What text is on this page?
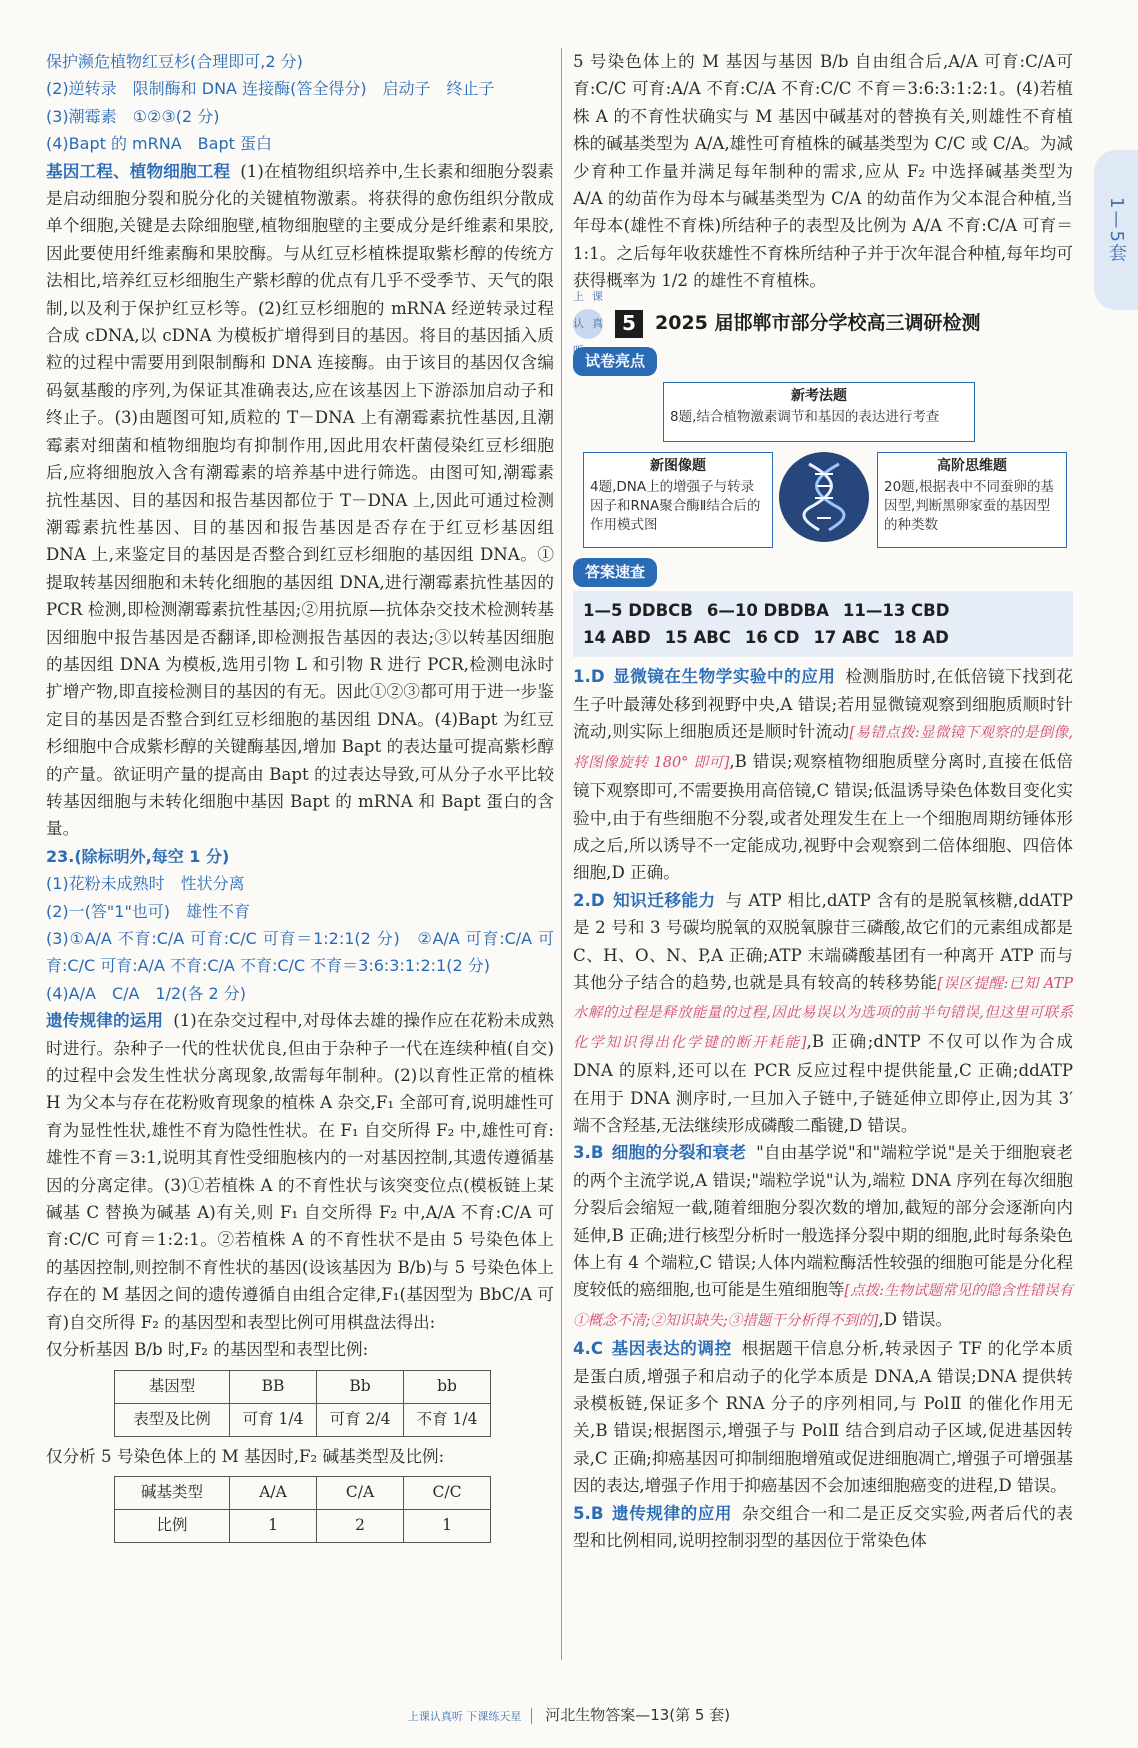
保护濒危植物红豆杉(合理即可,2 分)

(2)逆转录　限制酶和 DNA 连接酶(答全得分)　启动子　终止子

(3)潮霉素　①②③(2 分)

(4)Bapt 的 mRNA　Bapt 蛋白

基因工程、植物细胞工程 (1)在植物组织培养中,生长素和细胞分裂素是启动细胞分裂和脱分化的关键植物激素。将获得的愈伤组织分散成单个细胞,关键是去除细胞壁,植物细胞壁的主要成分是纤维素和果胶,因此要使用纤维素酶和果胶酶。与从红豆杉植株提取紫杉醇的传统方法相比,培养红豆杉细胞生产紫杉醇的优点有几乎不受季节、天气的限制,以及利于保护红豆杉等。(2)红豆杉细胞的 mRNA 经逆转录过程合成 cDNA,以 cDNA 为模板扩增得到目的基因。将目的基因插入质粒的过程中需要用到限制酶和 DNA 连接酶。由于该目的基因仅含编码氨基酸的序列,为保证其准确表达,应在该基因上下游添加启动子和终止子。(3)由题图可知,质粒的 T－DNA 上有潮霉素抗性基因,且潮霉素对细菌和植物细胞均有抑制作用,因此用农杆菌侵染红豆杉细胞后,应将细胞放入含有潮霉素的培养基中进行筛选。由图可知,潮霉素抗性基因、目的基因和报告基因都位于 T－DNA 上,因此可通过检测潮霉素抗性基因、目的基因和报告基因是否存在于红豆杉基因组 DNA 上,来鉴定目的基因是否整合到红豆杉细胞的基因组 DNA。①提取转基因细胞和未转化细胞的基因组 DNA,进行潮霉素抗性基因的 PCR 检测,即检测潮霉素抗性基因;②用抗原—抗体杂交技术检测转基因细胞中报告基因是否翻译,即检测报告基因的表达;③以转基因细胞的基因组 DNA 为模板,选用引物 L 和引物 R 进行 PCR,检测电泳时扩增产物,即直接检测目的基因的有无。因此①②③都可用于进一步鉴定目的基因是否整合到红豆杉细胞的基因组 DNA。(4)Bapt 为红豆杉细胞中合成紫杉醇的关键酶基因,增加 Bapt 的表达量可提高紫杉醇的产量。欲证明产量的提高由 Bapt 的过表达导致,可从分子水平比较转基因细胞与未转化细胞中基因 Bapt 的 mRNA 和 Bapt 蛋白的含量。

23.(除标明外,每空 1 分)

(1)花粉未成熟时　性状分离

(2)一(答"1"也可)　雄性不育

(3)①A/A 不育:C/A 可育:C/C 可育＝1:2:1(2 分)　②A/A 可育:C/A 可育:C/C 可育:A/A 不育:C/A 不育:C/C 不育＝3:6:3:1:2:1(2 分)

(4)A/A　C/A　1/2(各 2 分)

遗传规律的运用 (1)在杂交过程中,对母体去雄的操作应在花粉未成熟时进行。杂种子一代的性状优良,但由于杂种子一代在连续种植(自交)的过程中会发生性状分离现象,故需每年制种。(2)以育性正常的植株 H 为父本与存在花粉败育现象的植株 A 杂交,F₁ 全部可育,说明雄性可育为显性性状,雄性不育为隐性性状。在 F₁ 自交所得 F₂ 中,雄性可育:雄性不育＝3:1,说明其育性受细胞核内的一对基因控制,其遗传遵循基因的分离定律。(3)①若植株 A 的不育性状与该突变位点(模板链上某碱基 C 替换为碱基 A)有关,则 F₁ 自交所得 F₂ 中,A/A 不育:C/A 可育:C/C 可育＝1:2:1。②若植株 A 的不育性状不是由 5 号染色体上的基因控制,则控制不育性状的基因(设该基因为 B/b)与 5 号染色体上存在的 M 基因之间的遗传遵循自由组合定律,F₁(基因型为 BbC/A 可育)自交所得 F₂ 的基因型和表型比例可用棋盘法得出:

仅分析基因 B/b 时,F₂ 的基因型和表型比例:

基因型	BB	Bb	bb
表型及比例	可育 1/4	可育 2/4	不育 1/4

仅分析 5 号染色体上的 M 基因时,F₂ 碱基类型及比例:

碱基类型	A/A	C/A	C/C
比例	1	2	1

5 号染色体上的 M 基因与基因 B/b 自由组合后,A/A 可育:C/A可育:C/C 可育:A/A 不育:C/A 不育:C/C 不育＝3:6:3:1:2:1。(4)若植株 A 的不育性状确实与 M 基因中碱基对的替换有关,则雄性不育植株的碱基类型为 A/A,雄性可育植株的碱基类型为 C/C 或 C/A。为减少育种工作量并满足每年制种的需求,应从 F₂ 中选择碱基类型为 A/A 的幼苗作为母本与碱基类型为 C/A 的幼苗作为父本混合种植,当年母本(雄性不育株)所结种子的表型及比例为 A/A 不育:C/A 可育＝1:1。之后每年收获雄性不育株所结种子并于次年混合种植,每年均可获得概率为 1/2 的雄性不育植株。

上课认真 5	2025 届邯郸市部分学校高三调研检测
试卷亮点
新考法题
8题,结合植物激素调节和基因的表达进行考查
新图像题
4题,DNA上的增强子与转录因子和RNA聚合酶Ⅱ结合后的作用模式图
高阶思维题
20题,根据表中不同蚕卵的基因型,判断黑卵家蚕的基因型的种类数
答案速查
1—5 DDBCB 6—10 DBDBA 11—13 CBD
14 ABD 15 ABC 16 CD 17 ABC 18 AD

1.D 显微镜在生物学实验中的应用 检测脂肪时,在低倍镜下找到花生子叶最薄处移到视野中央,A 错误;若用显微镜观察到细胞质顺时针流动,则实际上细胞质还是顺时针流动[易错点拨:显微镜下观察的是倒像,将图像旋转 180° 即可],B 错误;观察植物细胞质壁分离时,直接在低倍镜下观察即可,不需要换用高倍镜,C 错误;低温诱导染色体数目变化实验中,由于有些细胞不分裂,或者处理发生在上一个细胞周期纺锤体形成之后,所以诱导不一定能成功,视野中会观察到二倍体细胞、四倍体细胞,D 正确。

2.D 知识迁移能力 与 ATP 相比,dATP 含有的是脱氧核糖,ddATP 是 2 号和 3 号碳均脱氧的双脱氧腺苷三磷酸,故它们的元素组成都是 C、H、O、N、P,A 正确;ATP 末端磷酸基团有一种离开 ATP 而与其他分子结合的趋势,也就是具有较高的转移势能[误区提醒:已知 ATP 水解的过程是释放能量的过程,因此易误以为选项的前半句错误,但这里可联系化学知识得出化学键的断开耗能],B 正确;dNTP 不仅可以作为合成 DNA 的原料,还可以在 PCR 反应过程中提供能量,C 正确;ddATP 在用于 DNA 测序时,一旦加入子链中,子链延伸立即停止,因为其 3′端不含羟基,无法继续形成磷酸二酯键,D 错误。

3.B 细胞的分裂和衰老 "自由基学说"和"端粒学说"是关于细胞衰老的两个主流学说,A 错误;"端粒学说"认为,端粒 DNA 序列在每次细胞分裂后会缩短一截,随着细胞分裂次数的增加,截短的部分会逐渐向内延伸,B 正确;进行核型分析时一般选择分裂中期的细胞,此时每条染色体上有 4 个端粒,C 错误;人体内端粒酶活性较强的细胞可能是分化程度较低的癌细胞,也可能是生殖细胞等[点拨:生物试题常见的隐含性错误有①概念不清;②知识缺失;③措题干分析得不到的],D 错误。

4.C 基因表达的调控 根据题干信息分析,转录因子 TF 的化学本质是蛋白质,增强子和启动子的化学本质是 DNA,A 错误;DNA 提供转录模板链,保证多个 RNA 分子的序列相同,与 PolⅡ 的催化作用无关,B 错误;根据图示,增强子与 PolⅡ 结合到启动子区域,促进基因转录,C 正确;抑癌基因可抑制细胞增殖或促进细胞凋亡,增强子可增强基因的表达,增强子作用于抑癌基因不会加速细胞癌变的进程,D 错误。

5.B 遗传规律的应用 杂交组合一和二是正反交实验,两者后代的表型和比例相同,说明控制羽型的基因位于常染色体

1—5套
上课认真听 下课练天星 河北生物答案—13(第 5 套)
